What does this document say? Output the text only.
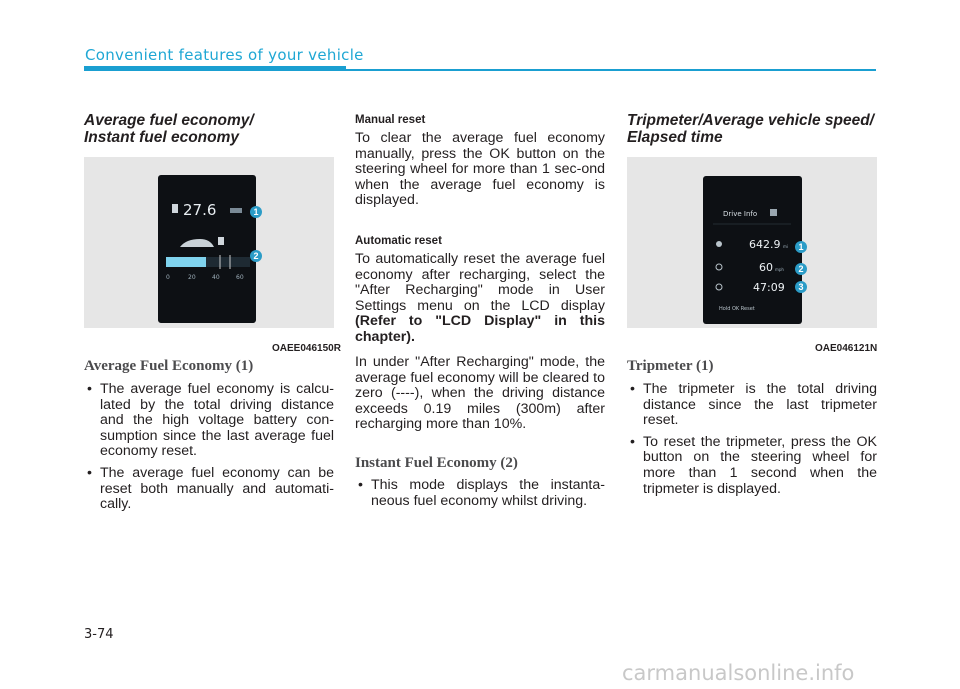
Convenient features of your vehicle
Average fuel economy/
Instant fuel economy
27.6
0	20	40	60
1
2
OAEE046150R
Average Fuel Economy (1)
• The average fuel economy is calcu-lated by the total driving distance and the high voltage battery con-sumption since the last average fuel economy reset.
• The average fuel economy can be reset both manually and automati-cally.
Manual reset
To clear the average fuel economy manually, press the OK button on the steering wheel for more than 1 sec-ond when the average fuel economy is displayed.
Automatic reset
To automatically reset the average fuel economy after recharging, select the "After Recharging" mode in User Settings menu on the LCD display (Refer to "LCD Display" in this chapter).
In under "After Recharging" mode, the average fuel economy will be cleared to zero (----), when the driving distance exceeds 0.19 miles (300m) after recharging more than 10%.
Instant Fuel Economy (2)
• This mode displays the instanta-neous fuel economy whilst driving.
Tripmeter/Average vehicle speed/
Elapsed time
Drive Info
642.9 mi
60 mph
47:09
Hold OK Reset
1
2
3
OAE046121N
Tripmeter (1)
• The tripmeter is the total driving distance since the last tripmeter reset.
• To reset the tripmeter, press the OK button on the steering wheel for more than 1 second when the tripmeter is displayed.
3-74
carmanualsonline.info
